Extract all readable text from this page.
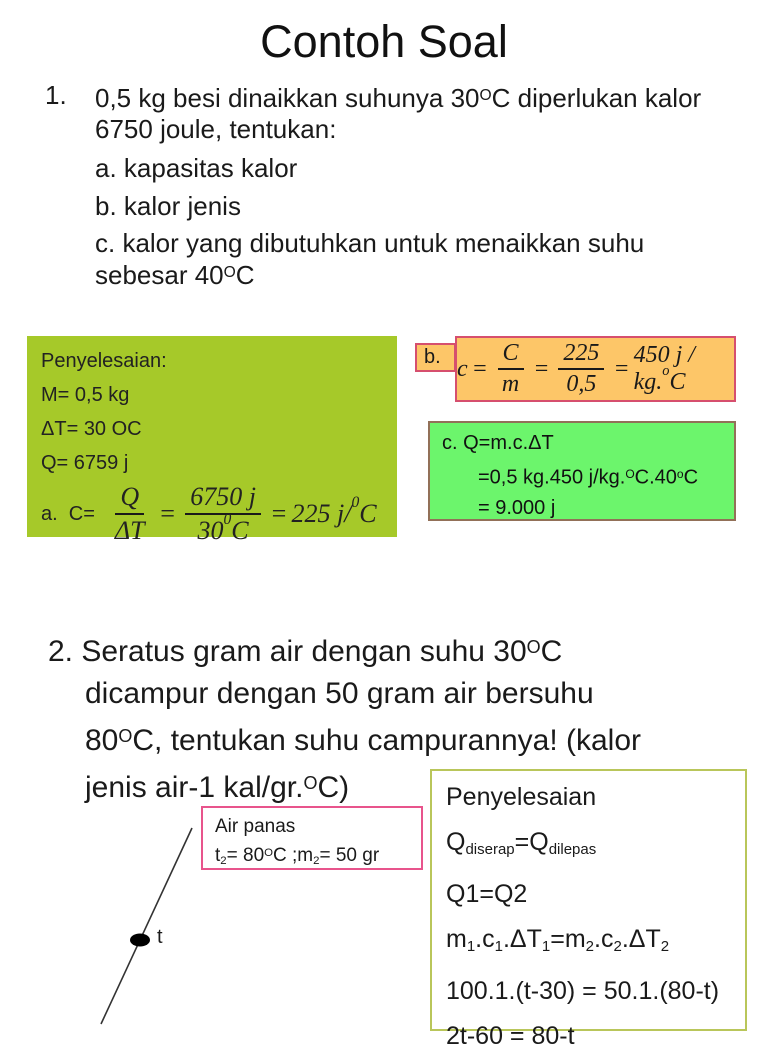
Contoh Soal
1. 0,5 kg besi dinaikkan suhunya $30^OC$ diperlukan kalor
6750 joule, tentukan:
a. kapasitas kalor
b. kalor jenis
c. kalor yang dibutuhkan untuk menaikkan suhu
sebesar $40^OC$
Penyelesaian:
M= 0,5 kg
ΔT= 30 OC
Q= 6759 j
a.  $C= \frac{Q}{\Delta T} = \frac{6750 j}{30^0C} = 225$ j/$^0$C
b. $c = \frac{C}{m} = \frac{225}{0,5}$ =
450 j / kg.$^o$C
c. Q=m.c.ΔT
=0,5 kg.450 $j/kg.^OC.40^oC$
= 9.000 j
2. Seratus gram air dengan suhu $30^OC$
dicampur dengan 50 gram air bersuhu
$80^OC$, tentukan suhu campurannya! (kalor
jenis air-1 kal/gr.$^O$C)
t
Air panas
$t_2= 80^OC$ $;m_2= 50$ gr
Penyelesaian
$Q_{diserap}=Q_{dilepas}$
Q1=Q2
$m_1.c_1.\Delta T_1=m_2.c_2.\Delta T_2$
100.1.(t-30) = 50.1.(80-t)
2t-60 = 80-t
